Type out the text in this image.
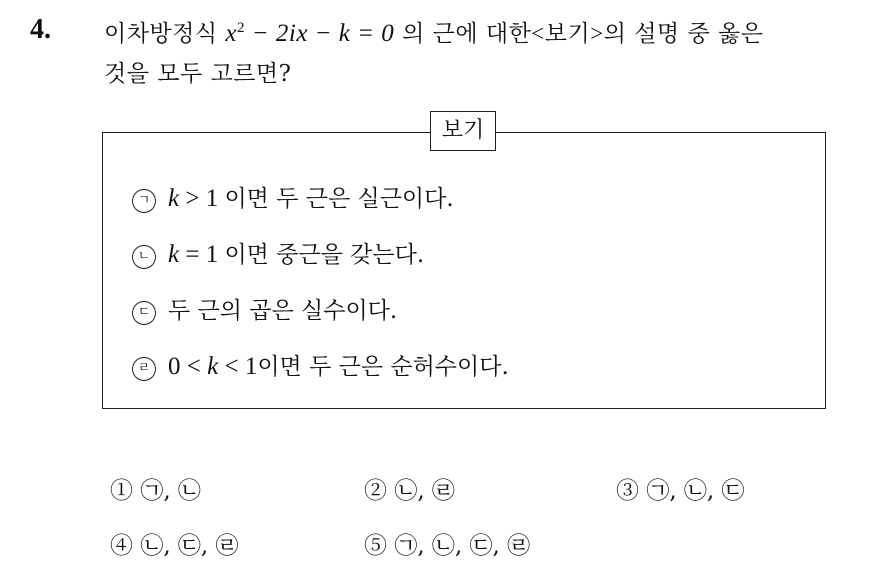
4. 이차방정식 $x^2 - 2ix - k = 0$ 의 근에 대한<보기>의 설명 중 옳은
것을 모두 고르면?
보기
ㄱ k > 1 이면 두 근은 실근이다.
ㄴ k = 1 이면 중근을 갖는다.
ㄷ 두 근의 곱은 실수이다.
ㄹ 0 < k < 1이면 두 근은 순허수이다.
① ㉠, ㉡	② ㉡, ㉣	③ ㉠, ㉡, ㉢
④ ㉡, ㉢, ㉣	⑤ ㉠, ㉡, ㉢, ㉣
